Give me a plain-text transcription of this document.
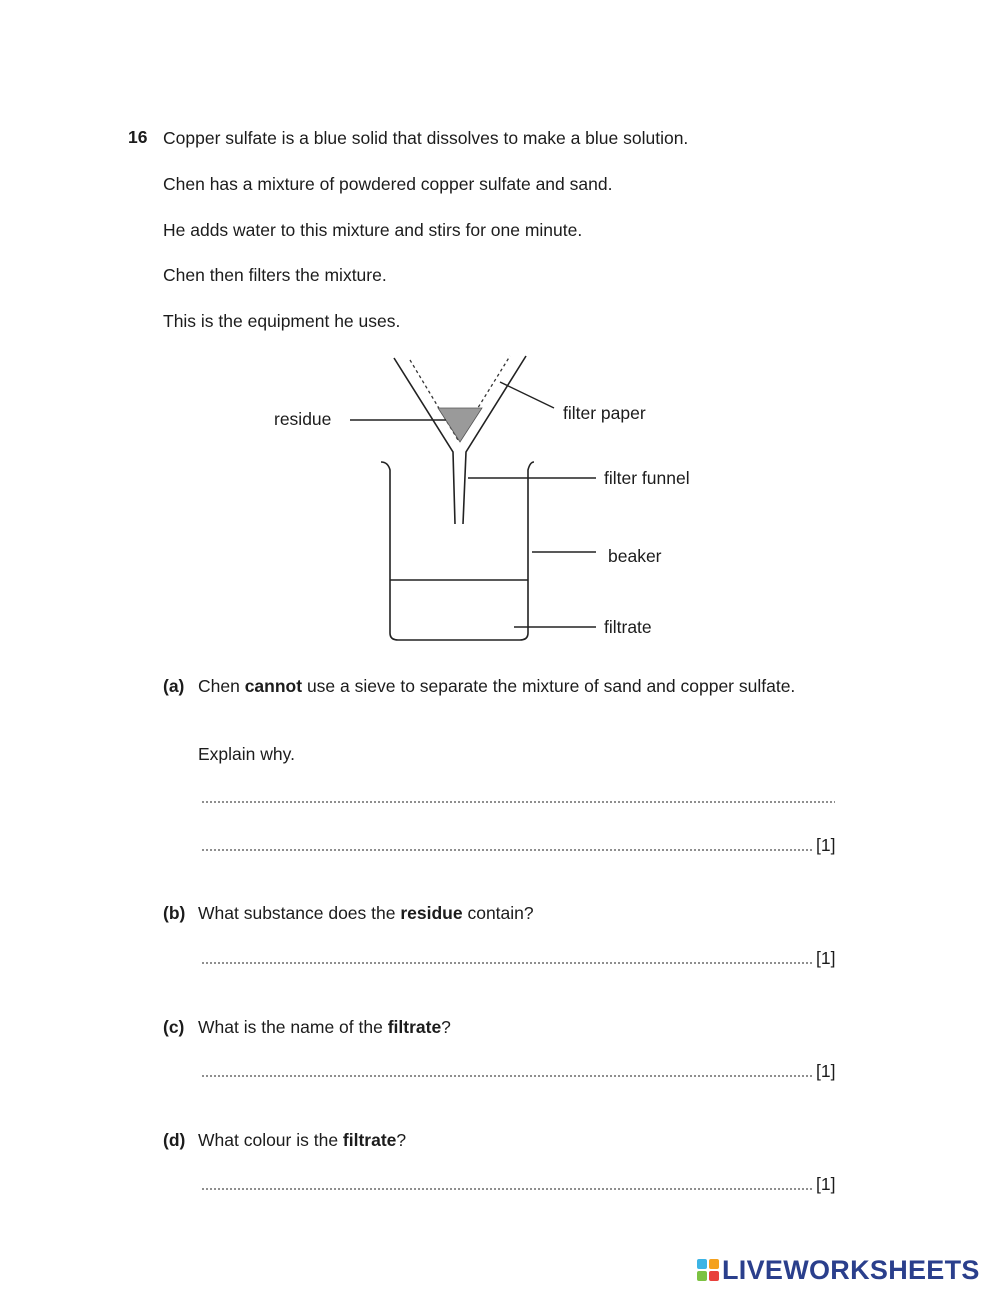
16 Copper sulfate is a blue solid that dissolves to make a blue solution.
Chen has a mixture of powdered copper sulfate and sand.
He adds water to this mixture and stirs for one minute.
Chen then filters the mixture.
This is the equipment he uses.
residue	filter paper
filter funnel
beaker
filtrate
(a) Chen cannot use a sieve to separate the mixture of sand and copper sulfate.
Explain why.
[1]
(b) What substance does the residue contain?
[1]
(c) What is the name of the filtrate?
[1]
(d) What colour is the filtrate?
[1]
LIVEWORKSHEETS
